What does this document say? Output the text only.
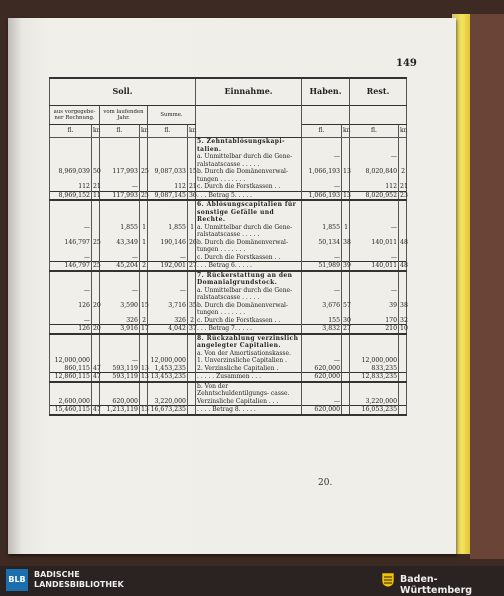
149
Soll.						Einnahme.	Haben.		Rest.	
aus vorgegebe- ner Rechnung.		vom laufenden Jahr.		Summe.						
fl.	kr.	fl.	kr.	fl.	kr.		fl.	kr.	fl.	kr.
						5. Zehntablösungskapi- talien.				
						a. Unmittelbar durch die Gene- ralstaatscasse . . . . .	—		—	
8,969,039	50	117,993	25	9,087,033	15	b. Durch die Domänenverwal- tungen . . . . . . .	1,066,193	13	8,020,840	2
112	21	—		112	21	c. Durch die Forstkassen . .	—		112	21
8,969,152	11	117,993	25	9,087,145	36	. . . Betrag 5. . . . .	1,066,193	13	8,020,952	23
						6. Ablösungscapitalien für sonstige Gefälle und Rechte.				
—		1,855	1	1,855	1	a. Unmittelbar durch die Gene- ralstaatscasse . . . . .	1,855	1	—	
146,797	25	43,349	1	190,146	26	b. Durch die Domänenverwal- tungen . . . . . . .	50,134	38	140,011	48
—		—		—		c. Durch die Forstkassen . .	—		—	
146,797	25	45,204	2	192,001	27	. . . Betrag 6. . . . .	51,989	39	140,011	48
						7. Rückerstattung an den Domanialgrundstock.				
—		—		—		a. Unmittelbar durch die Gene- ralstaatscasse . . . . .	—		—	
126	20	3,590	15	3,716	35	b. Durch die Domänenverwal- tungen . . . . . . .	3,676	57	39	38
—		326	2	326	2	c. Durch die Forstkassen . .	155	30	170	32
126	20	3,916	17	4,042	37	. . . Betrag 7. . . . .	3,832	27	210	10
						8. Rückzahlung verzinslich angelegter Capitalien.				
						a. Von der Amortisationskasse.				
12,000,000		—		12,000,000		1. Unverzinsliche Capitalien .	—		12,000,000	
860,115	47	593,119	13	1,453,235		2. Verzinsliche Capitalien .	620,000		833,235	
12,860,115	47	593,119	13	13,453,235		. . . . . Zusammen . . .	620,000		12,833,235	
						b. Von der Zehntschuldentilgungs- casse.				
2,600,000		620,000		3,220,000		Verzinsliche Capitalien . . .	—		3,220,000	
15,460,115	47	1,213,119	13	16,673,235		. . . . Betrag 8. . . . .	620,000		16,053,235	
20.
BLB
BADISCHE
LANDESBIBLIOTHEK	Baden-Württemberg
